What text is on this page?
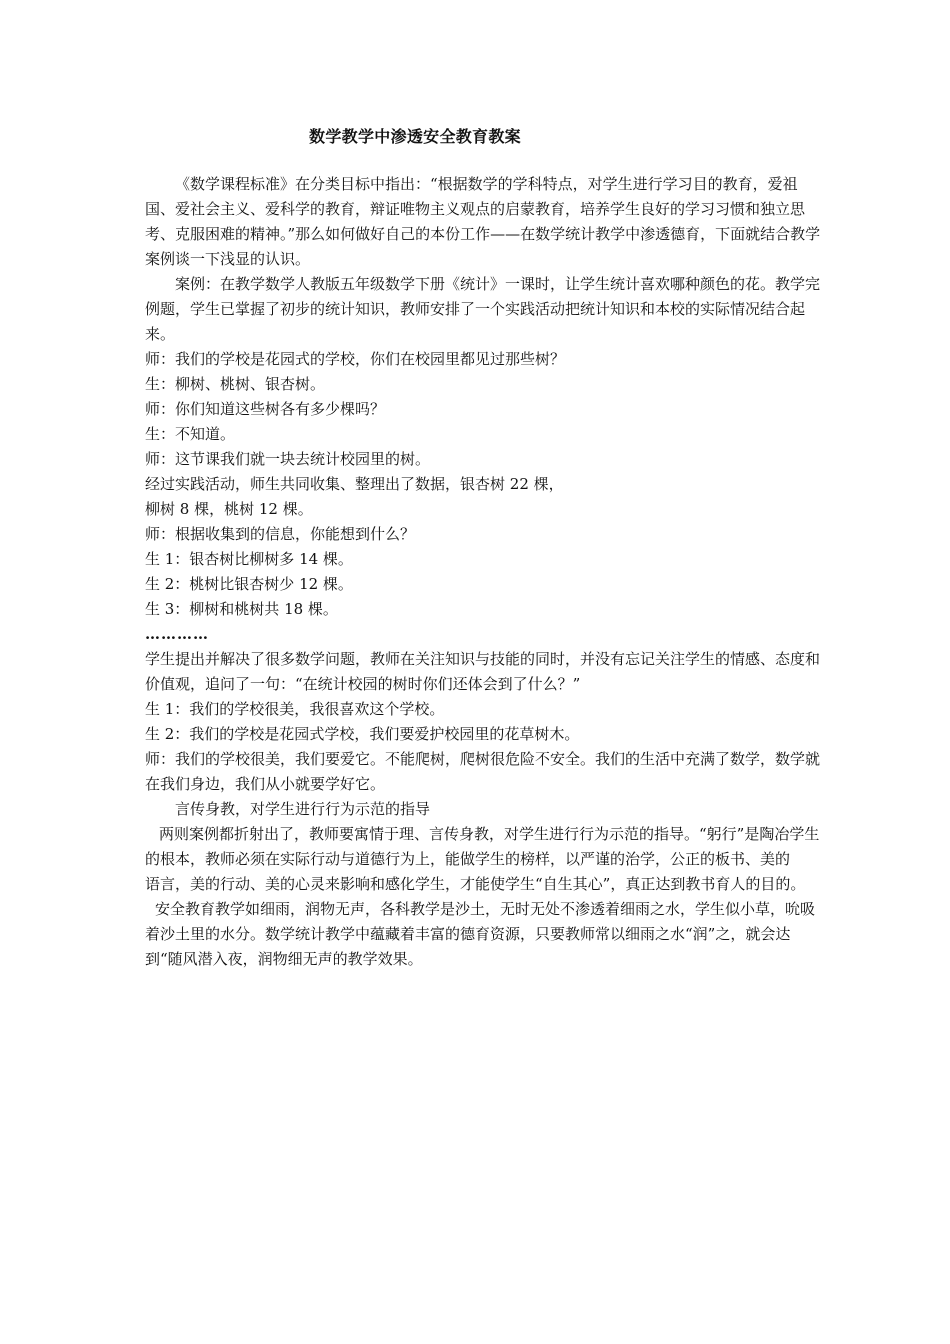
数学教学中渗透安全教育教案

《数学课程标准》在分类目标中指出：“根据数学的学科特点，对学生进行学习目的教育，爱祖国、爱社会主义、爱科学的教育，辩证唯物主义观点的启蒙教育，培养学生良好的学习习惯和独立思考、克服困难的精神。”那么如何做好自己的本份工作——在数学统计教学中渗透德育，下面就结合教学案例谈一下浅显的认识。

案例：在教学数学人教版五年级数学下册《统计》一课时，让学生统计喜欢哪种颜色的花。教学完例题，学生已掌握了初步的统计知识，教师安排了一个实践活动把统计知识和本校的实际情况结合起来。

师：我们的学校是花园式的学校，你们在校园里都见过那些树？

生：柳树、桃树、银杏树。

师：你们知道这些树各有多少棵吗？

生：不知道。

师：这节课我们就一块去统计校园里的树。

经过实践活动，师生共同收集、整理出了数据，银杏树 22 棵，

柳树 8 棵，桃树 12 棵。

师：根据收集到的信息，你能想到什么？

生 1：银杏树比柳树多 14 棵。

生 2：桃树比银杏树少 12 棵。

生 3：柳树和桃树共 18 棵。

…………

学生提出并解决了很多数学问题，教师在关注知识与技能的同时，并没有忘记关注学生的情感、态度和价值观，追问了一句：“在统计校园的树时你们还体会到了什么？”

生 1：我们的学校很美，我很喜欢这个学校。

生 2：我们的学校是花园式学校，我们要爱护校园里的花草树木。

师：我们的学校很美，我们要爱它。不能爬树，爬树很危险不安全。我们的生活中充满了数学，数学就在我们身边，我们从小就要学好它。

言传身教，对学生进行行为示范的指导

两则案例都折射出了，教师要寓情于理、言传身教，对学生进行行为示范的指导。“躬行”是陶冶学生的根本，教师必须在实际行动与道德行为上，能做学生的榜样，以严谨的治学，公正的板书、美的

语言，美的行动、美的心灵来影响和感化学生，才能使学生“自生其心”，真正达到教书育人的目的。

安全教育教学如细雨，润物无声，各科教学是沙土，无时无处不渗透着细雨之水，学生似小草，吮吸着沙土里的水分。数学统计教学中蕴藏着丰富的德育资源，只要教师常以细雨之水“润”之，就会达到“随风潜入夜，润物细无声的教学效果。
